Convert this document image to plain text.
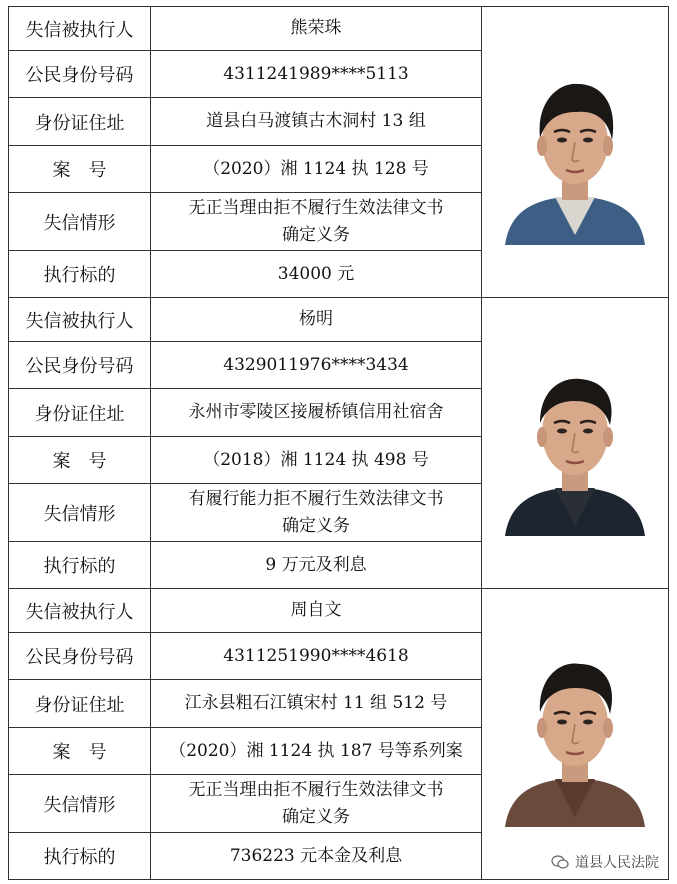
失信被执行人	熊荣珠	

公民身份号码	4311241989****5113	
身份证住址	道县白马渡镇古木洞村 13 组	
案　号	（2020）湘 1124 执 128 号	
失信情形	无正当理由拒不履行生效法律文书
确定义务	
执行标的	34000 元	
失信被执行人	杨明	

公民身份号码	4329011976****3434	
身份证住址	永州市零陵区接履桥镇信用社宿舍	
案　号	（2018）湘 1124 执 498 号	
失信情形	有履行能力拒不履行生效法律文书
确定义务	
执行标的	9 万元及利息	
失信被执行人	周自文	

公民身份号码	4311251990****4618	
身份证住址	江永县粗石江镇宋村 11 组 512 号	
案　号	（2020）湘 1124 执 187 号等系列案	
失信情形	无正当理由拒不履行生效法律文书
确定义务	
执行标的	736223 元本金及利息		道县人民法院
